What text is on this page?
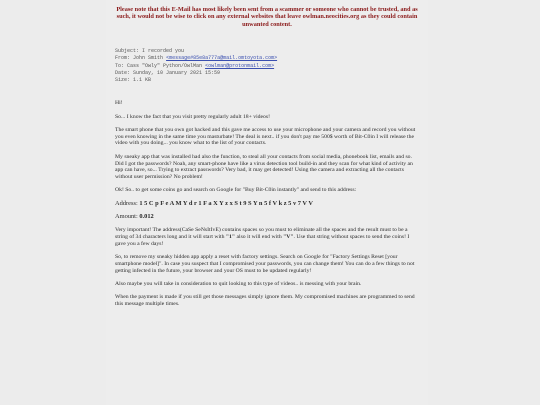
Please note that this E-Mail has most likely been sent from a scammer or someone who cannot be trusted, and as such, it would not be wise to click on any external websites that leave owlman.neocities.org as they could contain unwanted content.
Subject: I recorded you
From: John Smith <message#85e8a777a@mail.omtoyota.com>
To: Cass "Owly" Python/OwlMan <owlman@protonmail.com>
Date: Sunday, 10 January 2021 15:59
Size: 1.1 KB

Hi!

So... I know the fact that you visit pretty regularly adult 18+ videos!

The smart phone that you own got hacked and this gave me access to use your microphone and your camera and record you without you even knowing in the same time you masturbate! The deal is next.. if you don't pay me 500$ worth of Bit-C0in I will release the video with you doing... you know what to the list of your contacts.

My sneaky app that was installed had also the function, to steal all your contacts from social media, phonebook list, emails and so. Did I got the passwords? Noah, any smart-phone have like a virus detection tool build-in and they scan for what kind of activity an app can have, so... Trying to extract passwords? Very bad, it may get detected! Using the camera and extracting all the contacts without user permission? No problem!

Ok! So.. to get some coins go and search on Google for "Buy Bit-C0in instantly" and send to this address:

Address: 1 5 C p F e A M Y d r 1 F a X Y z x S t 9 S Y n 5 f V k z 5 v 7 V V

Amount: 0.012

Very important! The address(CaSe SeNsItIvE) contains spaces so you must to eliminate all the spaces and the result must to be a string of 34 characters long and it will start with "1" also it will end with "V". Use that string without spaces to send the coins! I gave you a few days!

So, to remove my sneaky hidden app apply a reset with factory settings. Search on Google for "Factory Settings Reset [your smartphone model]". In case you suspect that I compromised your passwords, you can change them! You can do a few things to not getting infected in the future, your browser and your OS must to be updated regularly!

Also maybe you will take in consideration to quit looking to this type of videos.. is messing with your brain.

When the payment is made if you still get those messages simply ignore them. My compromised machines are programmed to send this message multiple times.
